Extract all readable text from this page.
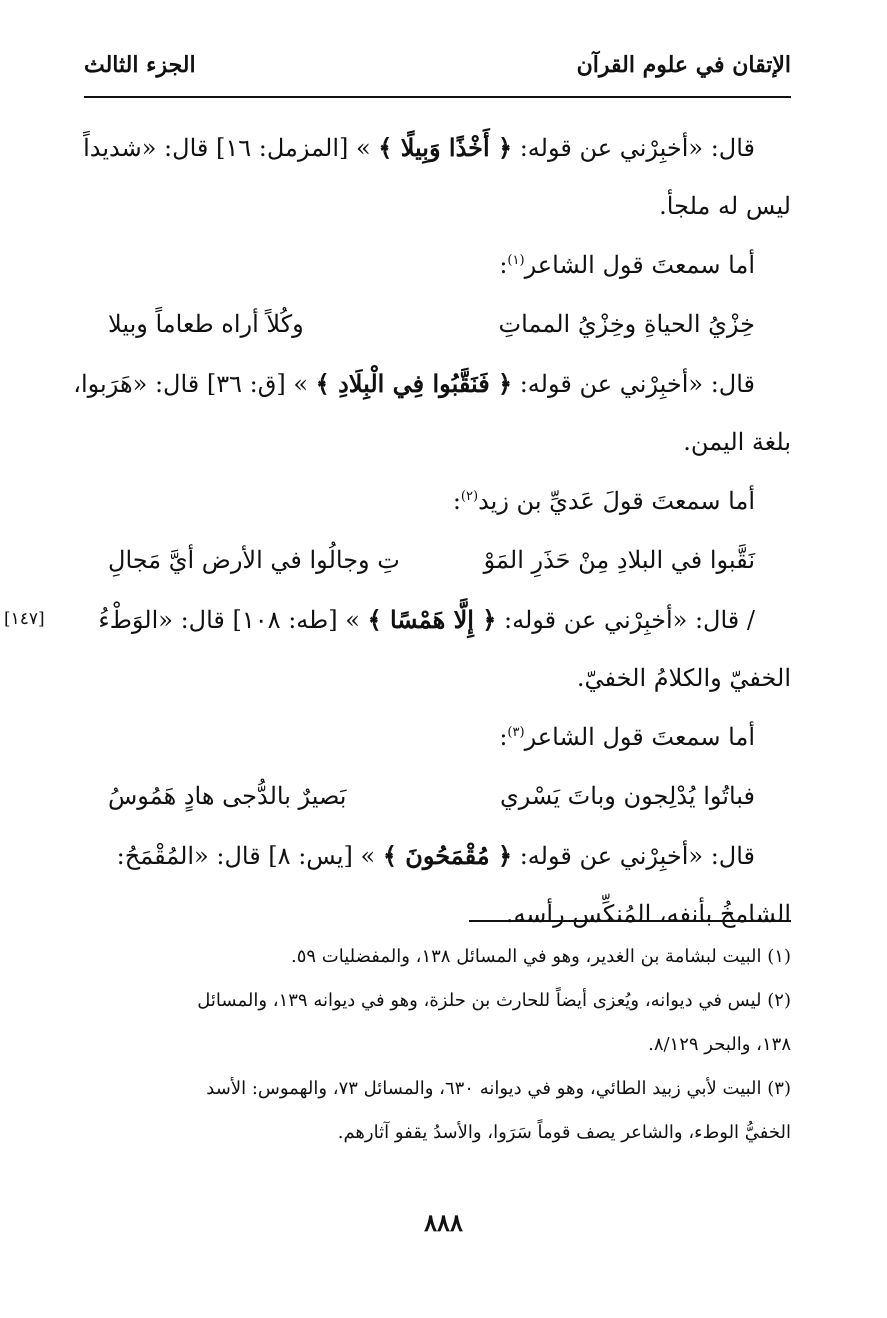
الإتقان في علوم القرآن
الجزء الثالث
قال: «أخبِرْني عن قوله: ﴿ أَخْذًا وَبِيلًا ﴾ » [المزمل: ١٦] قال: «شديداً
ليس له ملجأ.
أما سمعتَ قول الشاعر$^{(١)}$:
خِزْيُ الحياةِ وخِزْيُ المماتِ
وكُلاً أراه طعاماً وبيلا
قال: «أخبِرْني عن قوله: ﴿ فَنَقَّبُوا فِي الْبِلَادِ ﴾ » [ق: ٣٦] قال: «هَرَبوا،
بلغة اليمن.
أما سمعتَ قولَ عَديِّ بن زيد$^{(٢)}$:
نَقَّبوا في البلادِ مِنْ حَذَرِ المَوْ
تِ وجالُوا في الأرض أيَّ مَجالِ
[١٤٧]	/ قال: «أخبِرْني عن قوله: ﴿ إِلَّا هَمْسًا ﴾ » [طه: ١٠٨] قال: «الوَطْءُ
الخفيّ والكلامُ الخفيّ.
أما سمعتَ قول الشاعر$^{(٣)}$:
فباتُوا يُدْلِجون وباتَ يَسْري
بَصيرٌ بالدُّجى هادٍ هَمُوسُ
قال: «أخبِرْني عن قوله: ﴿ مُقْمَحُونَ ﴾ » [يس: ٨] قال: «المُقْمَحُ:
الشامخُ بأنفه، المُنكِّس رأسه.
(١) البيت لبشامة بن الغدير، وهو في المسائل ١٣٨، والمفضليات ٥٩.
(٢) ليس في ديوانه، ويُعزى أيضاً للحارث بن حلزة، وهو في ديوانه ١٣٩، والمسائل
١٣٨، والبحر ٨/١٢٩.
(٣) البيت لأبي زبيد الطائي، وهو في ديوانه ٦٣٠، والمسائل ٧٣، والهموس: الأسد
الخفيُّ الوطء، والشاعر يصف قوماً سَرَوا، والأسدُ يقفو آثارهم.
٨٨٨
